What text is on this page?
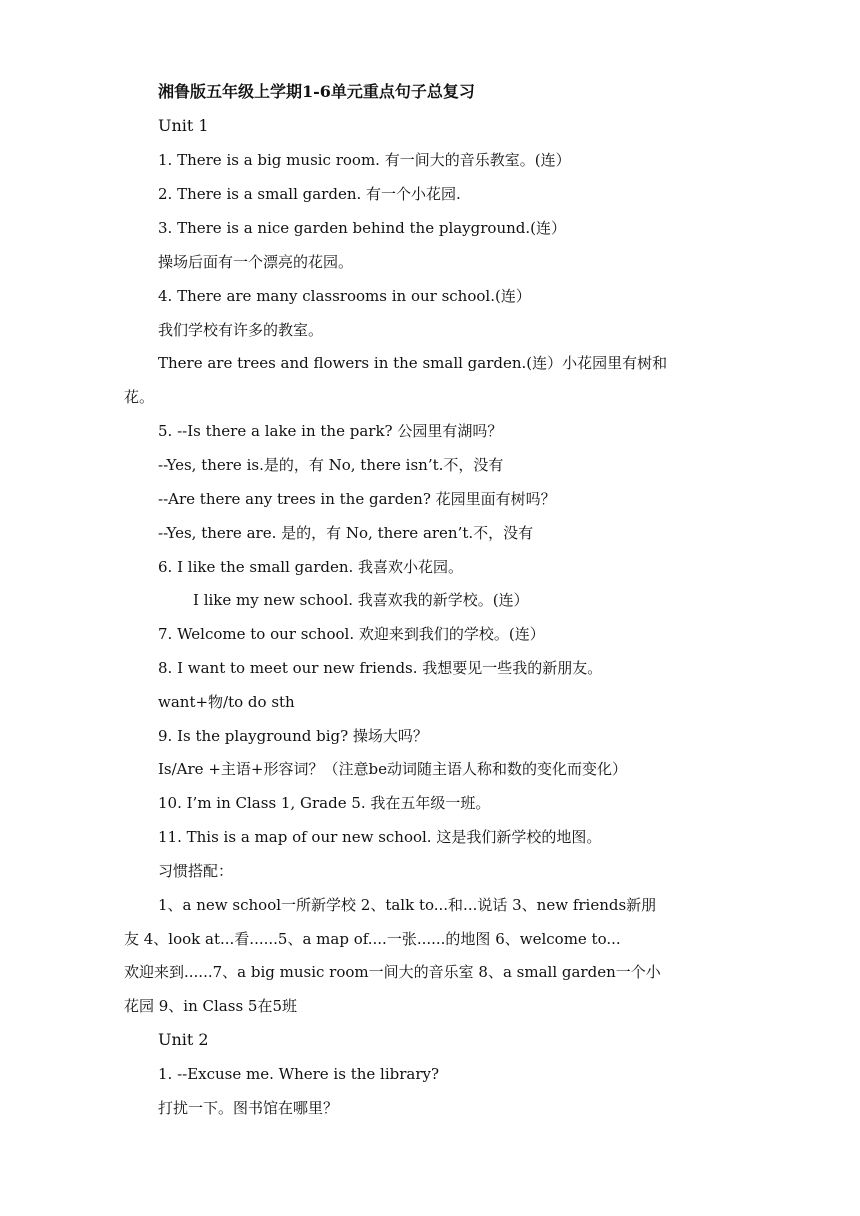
湘鲁版五年级上学期1-6单元重点句子总复习
Unit 1
1. There is a big music room. 有一间大的音乐教室。(连）
2. There is a small garden. 有一个小花园.
3. There is a nice garden behind the playground.(连）
操场后面有一个漂亮的花园。
4. There are many classrooms in our school.(连）
我们学校有许多的教室。
There are trees and flowers in the small garden.(连）小花园里有树和
花。
5. --Is there a lake in the park? 公园里有湖吗？
--Yes, there is.是的，有 No, there isn’t.不，没有
--Are there any trees in the garden? 花园里面有树吗？
--Yes, there are. 是的，有 No, there aren’t.不，没有
6. I like the small garden. 我喜欢小花园。
I like my new school. 我喜欢我的新学校。(连）
7. Welcome to our school. 欢迎来到我们的学校。(连）
8. I want to meet our new friends. 我想要见一些我的新朋友。
want+物/to do sth
9. Is the playground big? 操场大吗？
Is/Are +主语+形容词？（注意be动词随主语人称和数的变化而变化）
10. I’m in Class 1, Grade 5. 我在五年级一班。
11. This is a map of our new school. 这是我们新学校的地图。
习惯搭配：
1、a new school一所新学校 2、talk to...和...说话 3、new friends新朋
友 4、look at...看......5、a map of....一张......的地图 6、welcome to...
欢迎来到......7、a big music room一间大的音乐室 8、a small garden一个小
花园 9、in Class 5在5班
Unit 2
1. --Excuse me. Where is the library?
打扰一下。图书馆在哪里？
